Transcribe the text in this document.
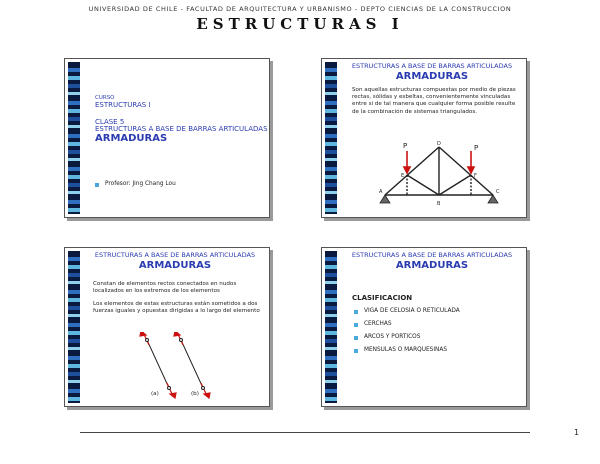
UNIVERSIDAD DE CHILE - FACULTAD DE ARQUITECTURA Y URBANISMO - DEPTO CIENCIAS DE LA CONSTRUCCION
ESTRUCTURAS I
CURSO
ESTRUCTURAS I
CLASE 5
ESTRUCTURAS A BASE DE BARRAS ARTICULADAS
ARMADURAS
Profesor: Jing Chang Lou
ESTRUCTURAS A BASE DE BARRAS ARTICULADAS
ARMADURAS
Son aquellas estructuras compuestas por medio de piezas rectas, sólidas y esbeltas, convenientemente vinculadas entre si de tal manera que cualquier forma posible resulte de la combinación de sistemas triangulados.
P	P
A
B
C
D
E	F
ESTRUCTURAS A BASE DE BARRAS ARTICULADAS
ARMADURAS
Constan de elementos rectos conectados en nudos localizados en los extremos de los elementos
Los elementos de estas estructuras están sometidos a dos fuerzas iguales y opuestas dirigidas a lo largo del elemento
(a)	(b)
ESTRUCTURAS A BASE DE BARRAS ARTICULADAS
ARMADURAS
CLASIFICACION
VIGA DE CELOSIA O RETICULADA
CERCHAS
ARCOS Y PORTICOS
MENSULAS O MARQUESINAS
1
